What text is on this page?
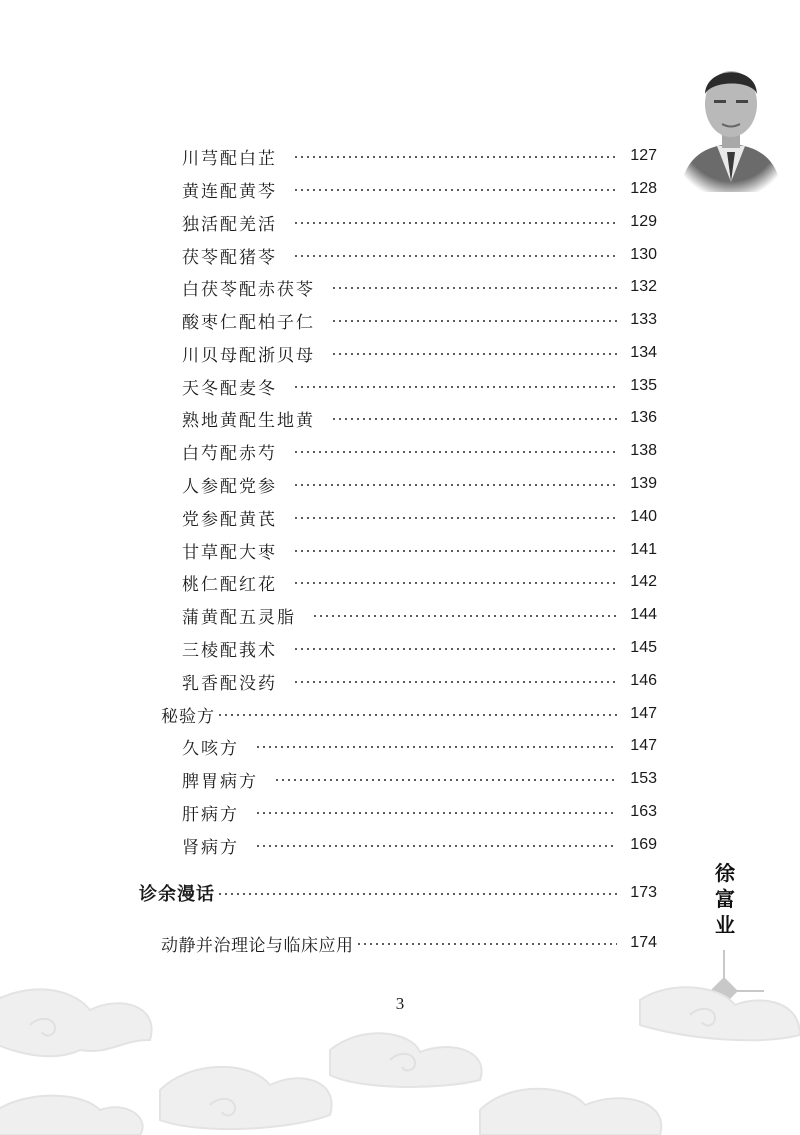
川芎配白芷	127
黄连配黄芩	128
独活配羌活	129
茯苓配猪苓	130
白茯苓配赤茯苓	132
酸枣仁配柏子仁	133
川贝母配浙贝母	134
天冬配麦冬	135
熟地黄配生地黄	136
白芍配赤芍	138
人参配党参	139
党参配黄芪	140
甘草配大枣	141
桃仁配红花	142
蒲黄配五灵脂	144
三棱配莪术	145
乳香配没药	146
秘验方	147
久咳方	147
脾胃病方	153
肝病方	163
肾病方	169
诊余漫话	173
动静并治理论与临床应用	174
徐
富
业
3
